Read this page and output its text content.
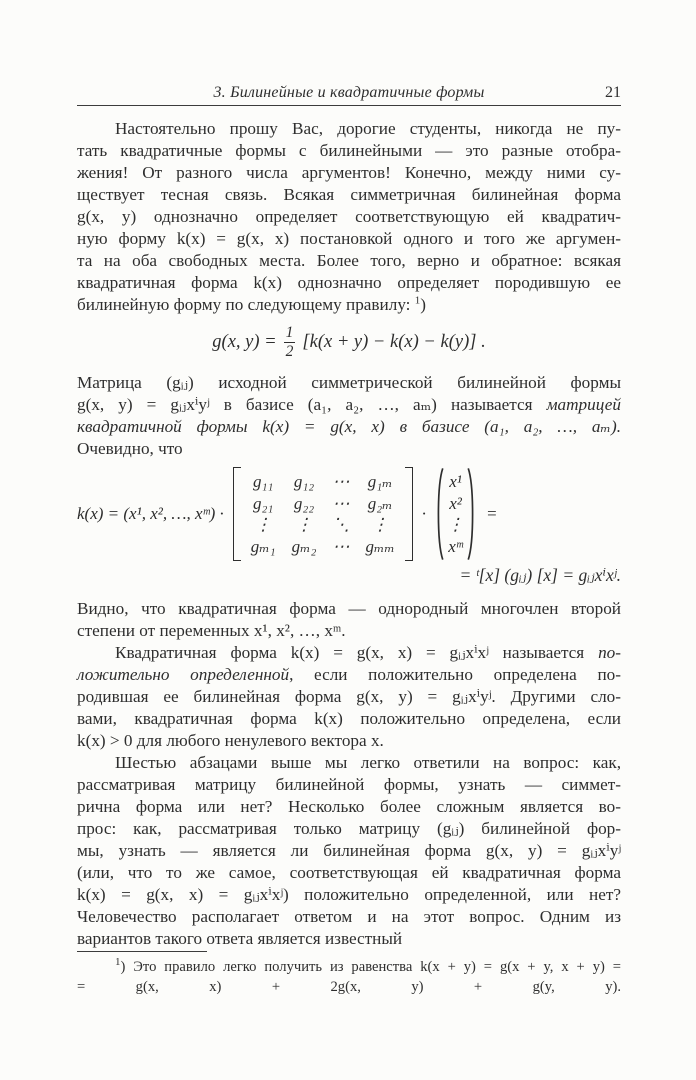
3. Билинейные и квадратичные формы	21
Настоятельно прошу Вас, дорогие студенты, никогда не пу-
тать квадратичные формы с билинейными — это разные отобра-
жения! От разного числа аргументов! Конечно, между ними су-
ществует тесная связь. Всякая симметричная билинейная форма
g(x, y) однозначно определяет соответствующую ей квадратич-
ную форму k(x) = g(x, x) постановкой одного и того же аргумен-
та на оба свободных места. Более того, верно и обратное: всякая
квадратичная форма k(x) однозначно определяет породившую ее
билинейную форму по следующему правилу: $^1$)
g(x, $y) = \frac{1}{2} [k(x + y) - k(x) - k(y)]$ .
Матрица (gᵢⱼ) исходной симметрической билинейной формы
g(x, y) = gᵢⱼxⁱyʲ в базисе (a₁, a₂, …, aₘ) называется матрицей
квадратичной формы k(x) = g(x, x) в базисе (a₁, a₂, …, aₘ).
Очевидно, что
k(x) = (x¹, x², …, xᵐ) ·
g₁₁ g₁₂ ⋯ g₁ₘ
g₂₁ g₂₂ ⋯ g₂ₘ
⋮ ⋮ ⋱	⋮
gₘ₁ gₘ₂ ⋯ gₘₘ
·
x¹
x²
⋮
xᵐ
=
= ᵗ[x] (gᵢⱼ) [x] = gᵢⱼxⁱxʲ.
Видно, что квадратичная форма — однородный многочлен второй
степени от переменных x¹, x², …, xᵐ.
Квадратичная форма k(x) = g(x, x) = gᵢⱼxⁱxʲ называется по-
ложительно определенной, если положительно определена по-
родившая ее билинейная форма g(x, y) = gᵢⱼxⁱyʲ. Другими сло-
вами, квадратичная форма k(x) положительно определена, если
k(x) > 0 для любого ненулевого вектора x.
Шестью абзацами выше мы легко ответили на вопрос: как,
рассматривая матрицу билинейной формы, узнать — симмет-
рична форма или нет? Несколько более сложным является во-
прос: как, рассматривая только матрицу (gᵢⱼ) билинейной фор-
мы, узнать — является ли билинейная форма g(x, y) = gᵢⱼxⁱyʲ
(или, что то же самое, соответствующая ей квадратичная форма
k(x) = g(x, x) = gᵢⱼxⁱxʲ) положительно определенной, или нет?
Человечество располагает ответом и на этот вопрос. Одним из
вариантов такого ответа является известный
$^1$) Это правило легко получить из равенства k(x + y) = g(x + y, x + y) =
= g(x, x) + 2g(x, y) + g(y, y).
